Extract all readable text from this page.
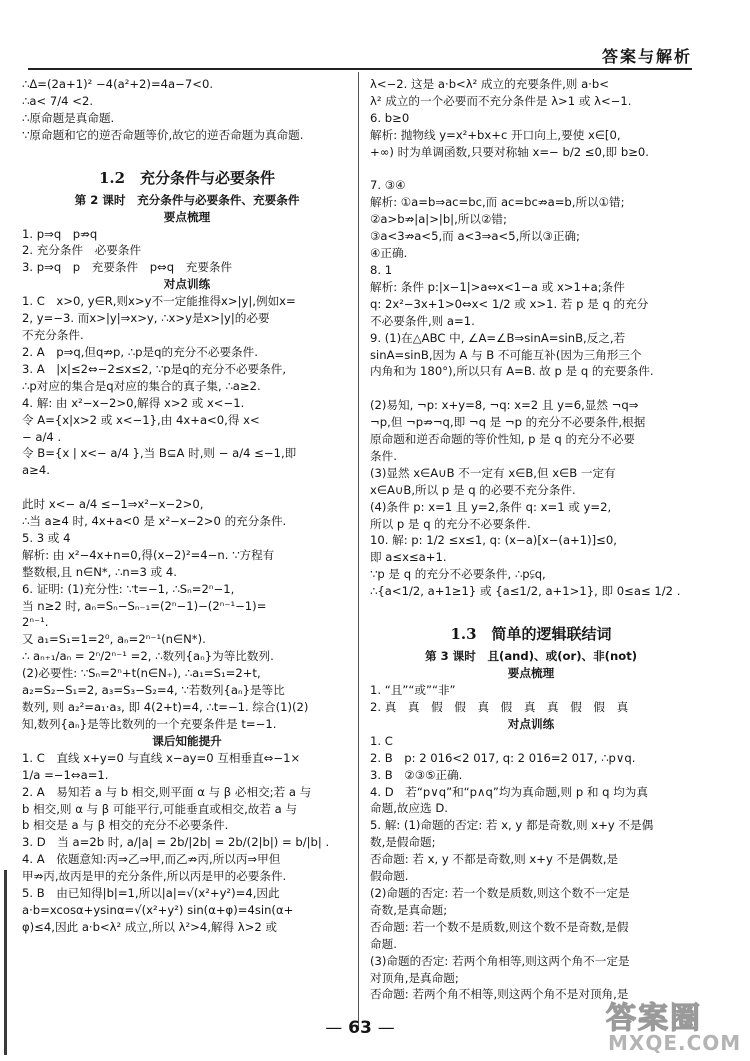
答案与解析
∴Δ=(2a+1)² −4(a²+2)=4a−7<0.
∴a< 7/4 <2.
∴原命题是真命题.
∵原命题和它的逆否命题等价,故它的逆否命题为真命题.

1.2　充分条件与必要条件
第 2 课时　充分条件与必要条件、充要条件
要点梳理
1. p⇒q　p⇏q
2. 充分条件　必要条件
3. p⇒q　p　充要条件　p⇔q　充要条件
对点训练
1. C　x>0, y∈R,则x>y不一定能推得x>|y|,例如x=
2, y=−3. 而x>|y|⇒x>y, ∴x>y是x>|y|的必要
不充分条件.
2. A　p⇒q,但q⇏p, ∴p是q的充分不必要条件.
3. A　|x|≤2⇔−2≤x≤2, ∵p是q的充分不必要条件,
∴p对应的集合是q对应的集合的真子集, ∴a≥2.
4. 解: 由 x²−x−2>0,解得 x>2 或 x<−1.
令 A={x|x>2 或 x<−1},由 4x+a<0,得 x<
− a/4 .
令 B={x | x<− a/4 },当 B⊆A 时,则 − a/4 ≤−1,即
a≥4.

此时 x<− a/4 ≤−1⇒x²−x−2>0,
∴当 a≥4 时, 4x+a<0 是 x²−x−2>0 的充分条件.
5. 3 或 4
解析: 由 x²−4x+n=0,得(x−2)²=4−n. ∵方程有
整数根,且 n∈N*, ∴n=3 或 4.
6. 证明: (1)充分性: ∵t=−1, ∴Sₙ=2ⁿ−1,
当 n≥2 时, aₙ=Sₙ−Sₙ₋₁=(2ⁿ−1)−(2ⁿ⁻¹−1)=
2ⁿ⁻¹.
又 a₁=S₁=1=2⁰, aₙ=2ⁿ⁻¹(n∈N*).
∴ aₙ₊₁/aₙ = 2ⁿ/2ⁿ⁻¹ =2, ∴数列{aₙ}为等比数列.
(2)必要性: ∵Sₙ=2ⁿ+t(n∈N₊), ∴a₁=S₁=2+t,
a₂=S₂−S₁=2, a₃=S₃−S₂=4, ∵若数列{aₙ}是等比
数列, 则 a₂²=a₁·a₃, 即 4(2+t)=4, ∴t=−1. 综合(1)(2)
知,数列{aₙ}是等比数列的一个充要条件是 t=−1.
课后知能提升
1. C　直线 x+y=0 与直线 x−ay=0 互相垂直⇔−1×
1/a =−1⇔a=1.
2. A　易知若 a 与 b 相交,则平面 α 与 β 必相交;若 a 与
b 相交,则 α 与 β 可能平行,可能垂直或相交,故若 a 与
b 相交是 a 与 β 相交的充分不必要条件.
3. D　当 a=2b 时, a/|a| = 2b/|2b| = 2b/(2|b|) = b/|b| .
4. A　依题意知:丙⇒乙⇒甲,而乙⇏丙,所以丙⇒甲但
甲⇏丙,故丙是甲的充分条件,所以丙是甲的必要条件.
5. B　由已知得|b|=1,所以|a|=√(x²+y²)=4,因此
a·b=xcosα+ysinα=√(x²+y²) sin(α+φ)=4sin(α+
φ)≤4,因此 a·b<λ² 成立,所以 λ²>4,解得 λ>2 或
λ<−2. 这是 a·b<λ² 成立的充要条件,则 a·b<
λ² 成立的一个必要而不充分条件是 λ>1 或 λ<−1.
6. b≥0
解析: 抛物线 y=x²+bx+c 开口向上,要使 x∈[0,
+∞) 时为单调函数,只要对称轴 x=− b/2 ≤0,即 b≥0.

7. ③④
解析: ①a=b⇒ac=bc,而 ac=bc⇏a=b,所以①错;
②a>b⇏|a|>|b|,所以②错;
③a<3⇏a<5,而 a<3⇒a<5,所以③正确;
④正确.
8. 1
解析: 条件 p:|x−1|>a⇔x<1−a 或 x>1+a;条件
q: 2x²−3x+1>0⇔x< 1/2 或 x>1. 若 p 是 q 的充分
不必要条件,则 a=1.
9. (1)在△ABC 中, ∠A=∠B⇒sinA=sinB,反之,若
sinA=sinB,因为 A 与 B 不可能互补(因为三角形三个
内角和为 180°),所以只有 A=B. 故 p 是 q 的充要条件.

(2)易知, ¬p: x+y=8, ¬q: x=2 且 y=6,显然 ¬q⇒
¬p,但 ¬p⇏¬q,即 ¬q 是 ¬p 的充分不必要条件,根据
原命题和逆否命题的等价性知, p 是 q 的充分不必要
条件.
(3)显然 x∈A∪B 不一定有 x∈B,但 x∈B 一定有
x∈A∪B,所以 p 是 q 的必要不充分条件.
(4)条件 p: x=1 且 y=2,条件 q: x=1 或 y=2,
所以 p 是 q 的充分不必要条件.
10. 解: p: 1/2 ≤x≤1, q: (x−a)[x−(a+1)]≤0,
即 a≤x≤a+1.
∵p 是 q 的充分不必要条件, ∴p⫋q,
∴{a<1/2, a+1≥1} 或 {a≤1/2, a+1>1}, 即 0≤a≤ 1/2 .

1.3　简单的逻辑联结词
第 3 课时　且(and)、或(or)、非(not)
要点梳理
1. “且”“或”“非”
2. 真　真　假　假　真　假　真　真　假　假　真
对点训练
1. C
2. B　p: 2 016<2 017, q: 2 016=2 017, ∴p∨q.
3. B　②③⑤正确.
4. D　若“p∨q”和“p∧q”均为真命题,则 p 和 q 均为真
命题,故应选 D.
5. 解: (1)命题的否定: 若 x, y 都是奇数,则 x+y 不是偶
数,是假命题;
否命题: 若 x, y 不都是奇数,则 x+y 不是偶数,是
假命题.
(2)命题的否定: 若一个数是质数,则这个数不一定是
奇数,是真命题;
否命题: 若一个数不是质数,则这个数不是奇数,是假
命题.
(3)命题的否定: 若两个角相等,则这两个角不一定是
对顶角,是真命题;
否命题: 若两个角不相等,则这两个角不是对顶角,是
— 63 —	答案圈
MXQE.COM
